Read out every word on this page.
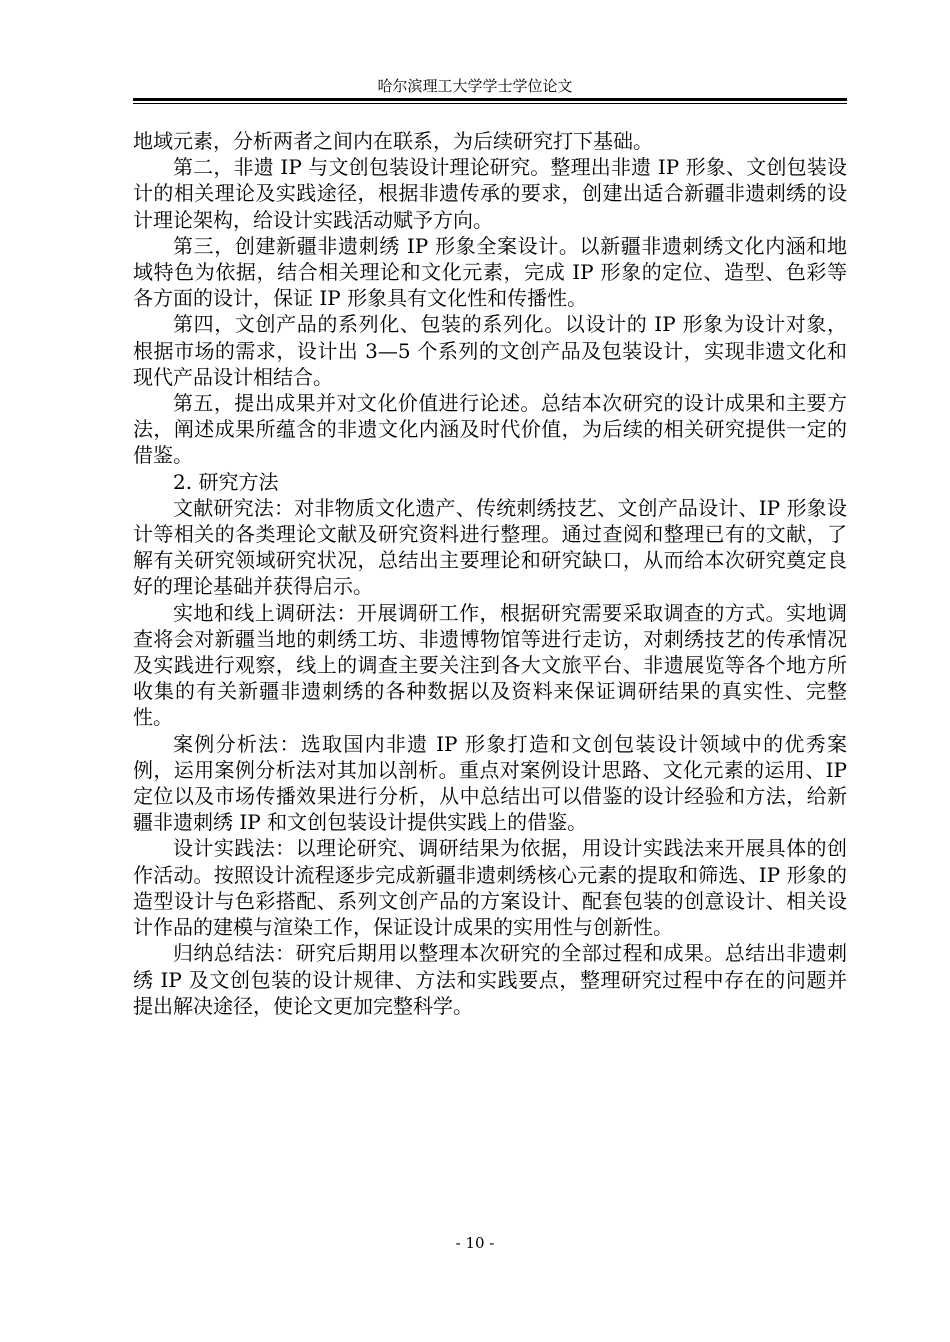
哈尔滨理工大学学士学位论文

地域元素，分析两者之间内在联系，为后续研究打下基础。

第二，非遗 IP 与文创包装设计理论研究。整理出非遗 IP 形象、文创包装设计的相关理论及实践途径，根据非遗传承的要求，创建出适合新疆非遗刺绣的设计理论架构，给设计实践活动赋予方向。

第三，创建新疆非遗刺绣 IP 形象全案设计。以新疆非遗刺绣文化内涵和地域特色为依据，结合相关理论和文化元素，完成 IP 形象的定位、造型、色彩等各方面的设计，保证 IP 形象具有文化性和传播性。

第四，文创产品的系列化、包装的系列化。以设计的 IP 形象为设计对象，根据市场的需求，设计出 3—5 个系列的文创产品及包装设计，实现非遗文化和现代产品设计相结合。

第五，提出成果并对文化价值进行论述。总结本次研究的设计成果和主要方法，阐述成果所蕴含的非遗文化内涵及时代价值，为后续的相关研究提供一定的借鉴。

2. 研究方法

文献研究法：对非物质文化遗产、传统刺绣技艺、文创产品设计、IP 形象设计等相关的各类理论文献及研究资料进行整理。通过查阅和整理已有的文献，了解有关研究领域研究状况，总结出主要理论和研究缺口，从而给本次研究奠定良好的理论基础并获得启示。

实地和线上调研法：开展调研工作，根据研究需要采取调查的方式。实地调查将会对新疆当地的刺绣工坊、非遗博物馆等进行走访，对刺绣技艺的传承情况及实践进行观察，线上的调查主要关注到各大文旅平台、非遗展览等各个地方所收集的有关新疆非遗刺绣的各种数据以及资料来保证调研结果的真实性、完整性。

案例分析法：选取国内非遗 IP 形象打造和文创包装设计领域中的优秀案例，运用案例分析法对其加以剖析。重点对案例设计思路、文化元素的运用、IP 定位以及市场传播效果进行分析，从中总结出可以借鉴的设计经验和方法，给新疆非遗刺绣 IP 和文创包装设计提供实践上的借鉴。

设计实践法：以理论研究、调研结果为依据，用设计实践法来开展具体的创作活动。按照设计流程逐步完成新疆非遗刺绣核心元素的提取和筛选、IP 形象的造型设计与色彩搭配、系列文创产品的方案设计、配套包装的创意设计、相关设计作品的建模与渲染工作，保证设计成果的实用性与创新性。

归纳总结法：研究后期用以整理本次研究的全部过程和成果。总结出非遗刺绣 IP 及文创包装的设计规律、方法和实践要点，整理研究过程中存在的问题并提出解决途径，使论文更加完整科学。

- 10 -
